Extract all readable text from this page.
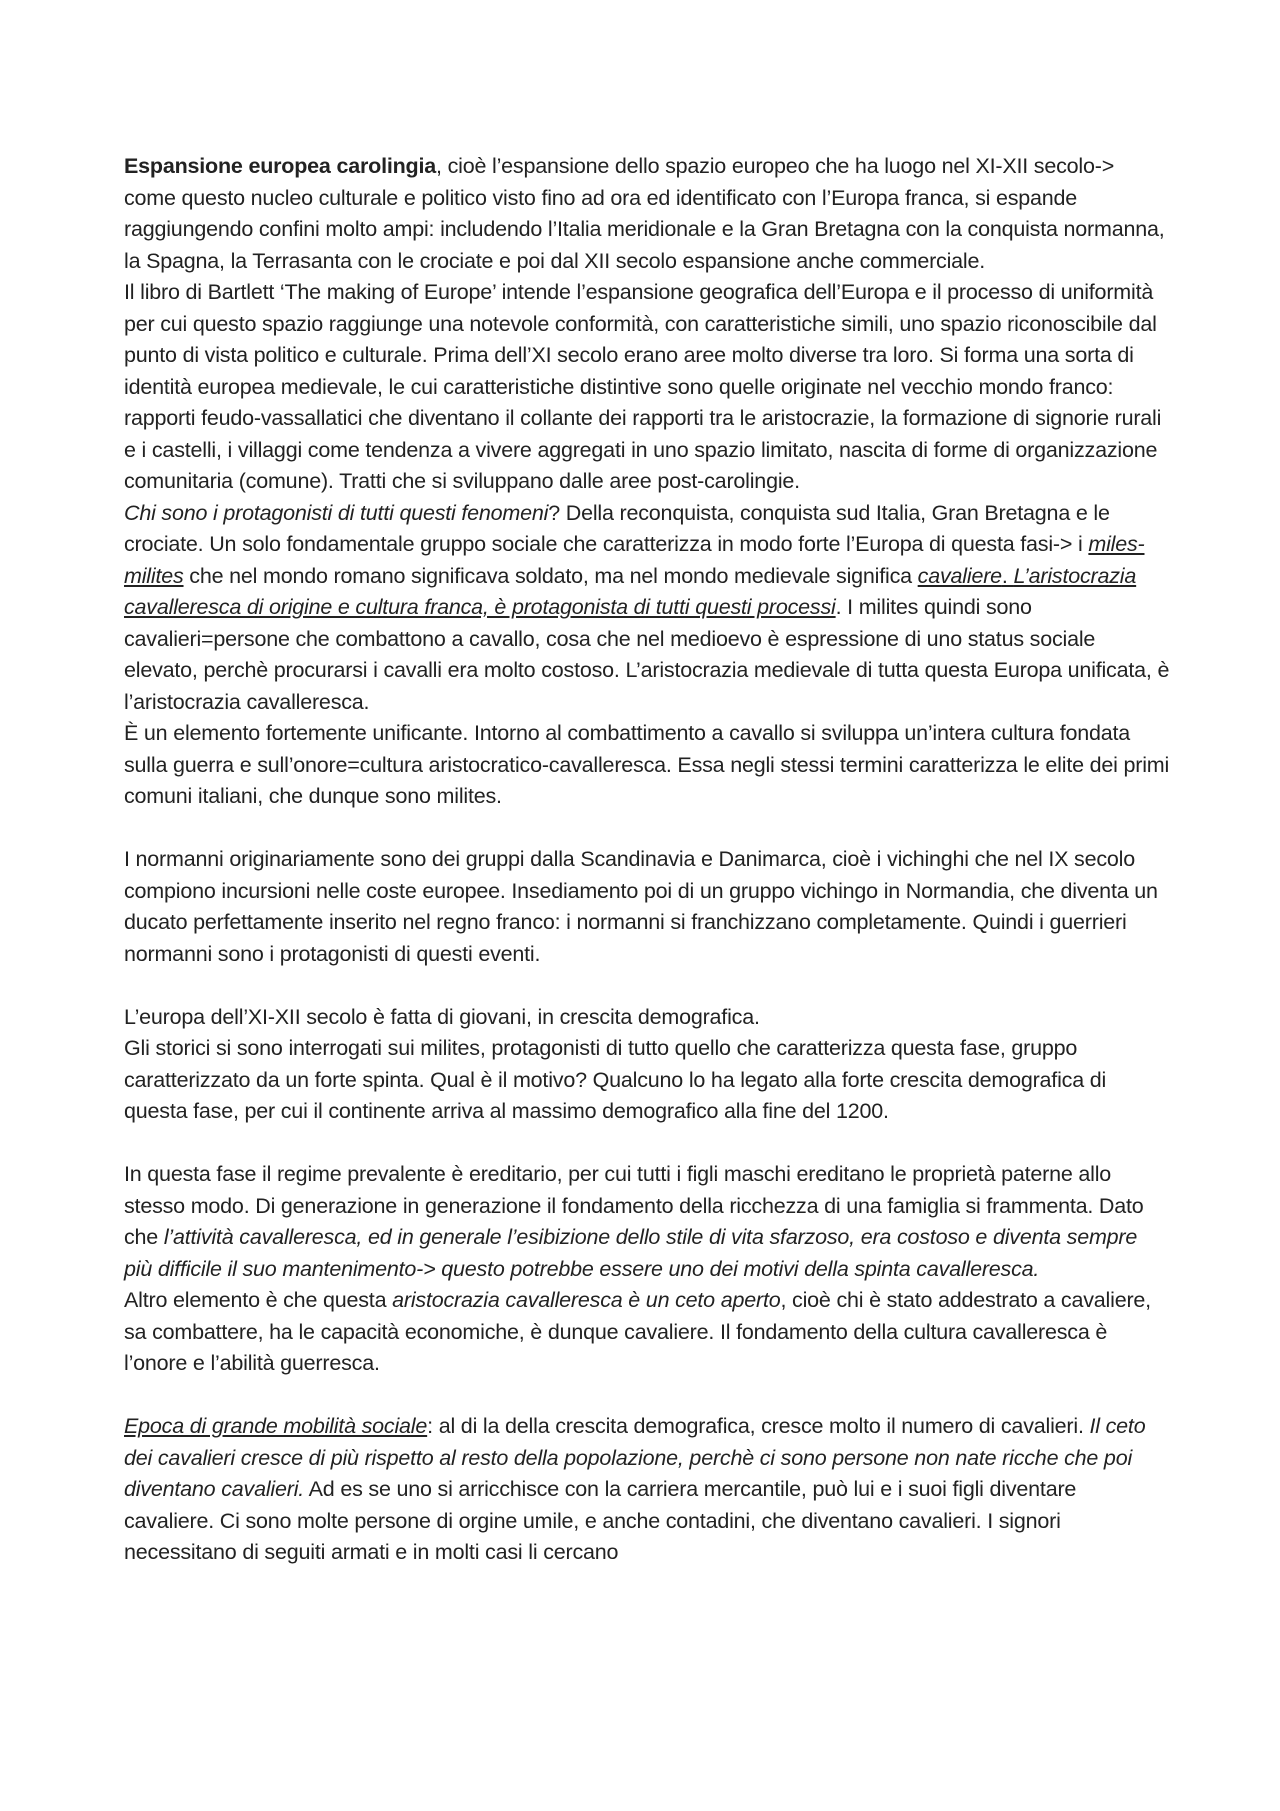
Espansione europea carolingia, cioè l’espansione dello spazio europeo che ha luogo nel XI-XII secolo-> come questo nucleo culturale e politico visto fino ad ora ed identificato con l’Europa franca, si espande raggiungendo confini molto ampi: includendo l’Italia meridionale e la Gran Bretagna con la conquista normanna, la Spagna, la Terrasanta con le crociate e poi dal XII secolo espansione anche commerciale.

Il libro di Bartlett ‘The making of Europe’ intende l’espansione geografica dell’Europa e il processo di uniformità per cui questo spazio raggiunge una notevole conformità, con caratteristiche simili, uno spazio riconoscibile dal punto di vista politico e culturale. Prima dell’XI secolo erano aree molto diverse tra loro. Si forma una sorta di identità europea medievale, le cui caratteristiche distintive sono quelle originate nel vecchio mondo franco: rapporti feudo-vassallatici che diventano il collante dei rapporti tra le aristocrazie, la formazione di signorie rurali e i castelli, i villaggi come tendenza a vivere aggregati in uno spazio limitato, nascita di forme di organizzazione comunitaria (comune). Tratti che si sviluppano dalle aree post-carolingie.

Chi sono i protagonisti di tutti questi fenomeni? Della reconquista, conquista sud Italia, Gran Bretagna e le crociate. Un solo fondamentale gruppo sociale che caratterizza in modo forte l’Europa di questa fasi-> i miles-milites che nel mondo romano significava soldato, ma nel mondo medievale significa cavaliere. L’aristocrazia cavalleresca di origine e cultura franca, è protagonista di tutti questi processi. I milites quindi sono cavalieri=persone che combattono a cavallo, cosa che nel medioevo è espressione di uno status sociale elevato, perchè procurarsi i cavalli era molto costoso. L’aristocrazia medievale di tutta questa Europa unificata, è l’aristocrazia cavalleresca.

È un elemento fortemente unificante. Intorno al combattimento a cavallo si sviluppa un’intera cultura fondata sulla guerra e sull’onore=cultura aristocratico-cavalleresca. Essa negli stessi termini caratterizza le elite dei primi comuni italiani, che dunque sono milites.

I normanni originariamente sono dei gruppi dalla Scandinavia e Danimarca, cioè i vichinghi che nel IX secolo compiono incursioni nelle coste europee. Insediamento poi di un gruppo vichingo in Normandia, che diventa un ducato perfettamente inserito nel regno franco: i normanni si franchizzano completamente. Quindi i guerrieri normanni sono i protagonisti di questi eventi.

L’europa dell’XI-XII secolo è fatta di giovani, in crescita demografica.

Gli storici si sono interrogati sui milites, protagonisti di tutto quello che caratterizza questa fase, gruppo caratterizzato da un forte spinta. Qual è il motivo? Qualcuno lo ha legato alla forte crescita demografica di questa fase, per cui il continente arriva al massimo demografico alla fine del 1200.

In questa fase il regime prevalente è ereditario, per cui tutti i figli maschi ereditano le proprietà paterne allo stesso modo. Di generazione in generazione il fondamento della ricchezza di una famiglia si frammenta. Dato che l’attività cavalleresca, ed in generale l’esibizione dello stile di vita sfarzoso, era costoso e diventa sempre più difficile il suo mantenimento-> questo potrebbe essere uno dei motivi della spinta cavalleresca.

Altro elemento è che questa aristocrazia cavalleresca è un ceto aperto, cioè chi è stato addestrato a cavaliere, sa combattere, ha le capacità economiche, è dunque cavaliere. Il fondamento della cultura cavalleresca è l’onore e l’abilità guerresca.

Epoca di grande mobilità sociale: al di la della crescita demografica, cresce molto il numero di cavalieri. Il ceto dei cavalieri cresce di più rispetto al resto della popolazione, perchè ci sono persone non nate ricche che poi diventano cavalieri. Ad es se uno si arricchisce con la carriera mercantile, può lui e i suoi figli diventare cavaliere. Ci sono molte persone di orgine umile, e anche contadini, che diventano cavalieri. I signori necessitano di seguiti armati e in molti casi li cercano
